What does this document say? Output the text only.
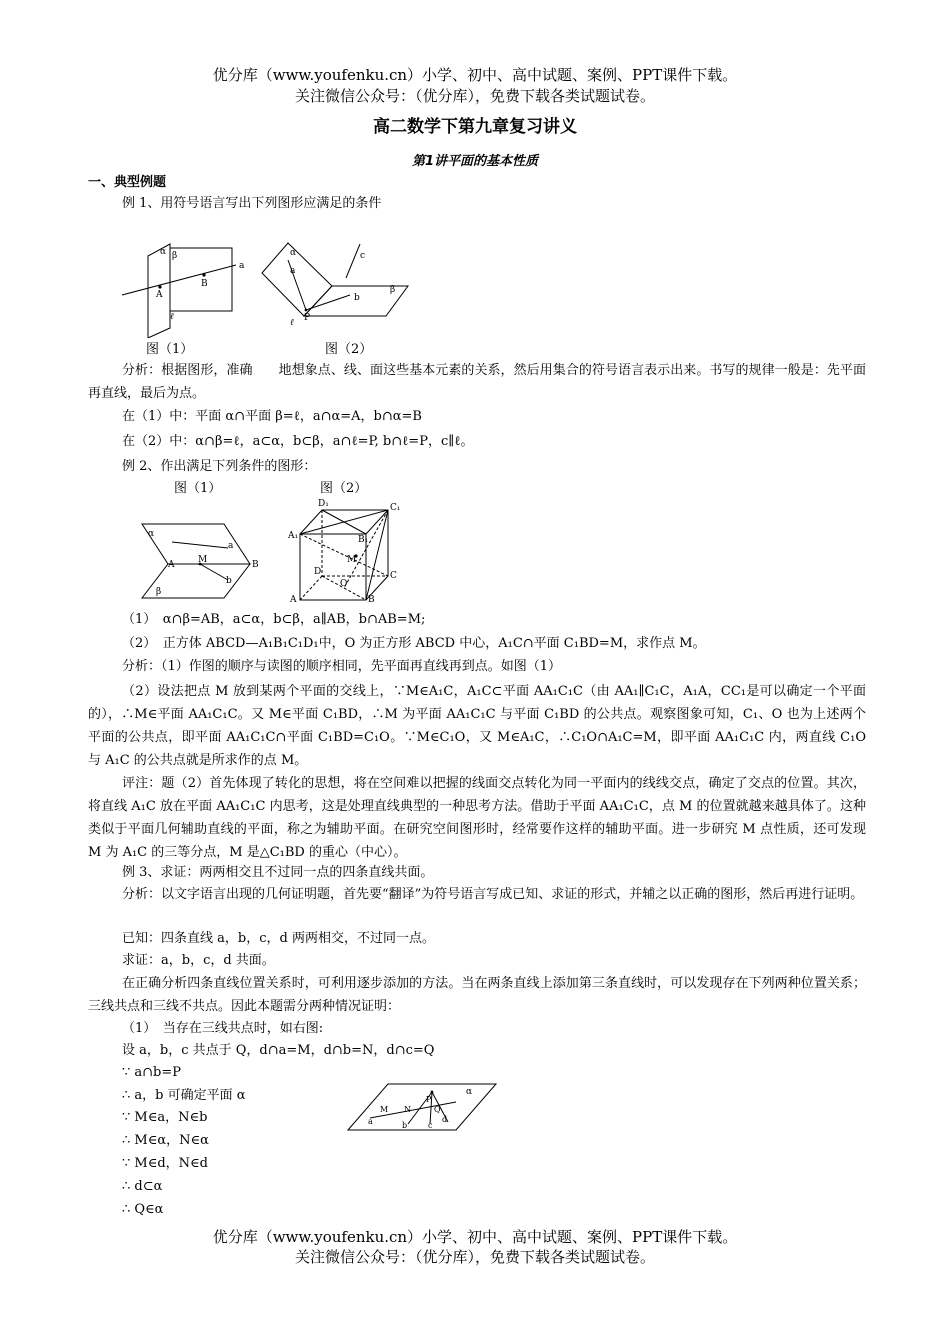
优分库（www.youfenku.cn）小学、初中、高中试题、案例、PPT课件下载。
关注微信公众号：（优分库），免费下载各类试题试卷。
高二数学下第九章复习讲义
第1讲平面的基本性质
一、典型例题
例 1、用符号语言写出下列图形应满足的条件
α β
a
A
B
ℓ
α
a
b
c
P
β
ℓ
图（1）	图（2）
分析：根据图形，准确　　地想象点、线、面这些基本元素的关系，然后用集合的符号语言表示出来。书写的规律一般是：先平面再直线，最后为点。
在（1）中：平面 α∩平面 β=ℓ，a∩α=A，b∩α=B
在（2）中：α∩β=ℓ，a⊂α，b⊂β，a∩ℓ=P, b∩ℓ=P，c∥ℓ。
例 2、作出满足下列条件的图形：
图（1）	图（2）
α
a
A	M	B
b
β
D₁	C₁
A₁	B₁
D	C
A	B
M
O
（1）　α∩β=AB，a⊂α，b⊂β，a∥AB，b∩AB=M;
（2）　正方体 ABCD—A₁B₁C₁D₁中，O 为正方形 ABCD 中心，A₁C∩平面 C₁BD=M，求作点 M。
分析：（1）作图的顺序与读图的顺序相同，先平面再直线再到点。如图（1）
（2）设法把点 M 放到某两个平面的交线上，∵M∈A₁C，A₁C⊂平面 AA₁C₁C（由 AA₁∥C₁C，A₁A，CC₁是可以确定一个平面的），∴M∈平面 AA₁C₁C。又 M∈平面 C₁BD，∴M 为平面 AA₁C₁C 与平面 C₁BD 的公共点。观察图象可知，C₁、O 也为上述两个平面的公共点，即平面 AA₁C₁C∩平面 C₁BD=C₁O。∵M∈C₁O，又 M∈A₁C，∴C₁O∩A₁C=M，即平面 AA₁C₁C 内，两直线 C₁O 与 A₁C 的公共点就是所求作的点 M。
评注：题（2）首先体现了转化的思想，将在空间难以把握的线面交点转化为同一平面内的线线交点，确定了交点的位置。其次，将直线 A₁C 放在平面 AA₁C₁C 内思考，这是处理直线典型的一种思考方法。借助于平面 AA₁C₁C，点 M 的位置就越来越具体了。这种类似于平面几何辅助直线的平面，称之为辅助平面。在研究空间图形时，经常要作这样的辅助平面。进一步研究 M 点性质，还可发现 M 为 A₁C 的三等分点，M 是△C₁BD 的重心（中心）。
例 3、求证：两两相交且不过同一点的四条直线共面。
分析：以文字语言出现的几何证明题，首先要“翻译”为符号语言写成已知、求证的形式，并辅之以正确的图形，然后再进行证明。
已知：四条直线 a，b，c，d 两两相交，不过同一点。
求证：a，b，c，d 共面。
在正确分析四条直线位置关系时，可利用逐步添加的方法。当在两条直线上添加第三条直线时，可以发现存在下列两种位置关系；三线共点和三线不共点。因此本题需分两种情况证明：
（1）　当存在三线共点时，如右图:
设 a，b，c 共点于 Q，d∩a=M，d∩b=N，d∩c=Q
∵ a∩b=P
∴ a，b 可确定平面 α
∵ M∈a，N∈b
∴ M∈α，N∈α
∵ M∈d，N∈d
∴ d⊂α
∴ Q∈α
α
M N
P
Q
a	b	c
d
优分库（www.youfenku.cn）小学、初中、高中试题、案例、PPT课件下载。
关注微信公众号：（优分库），免费下载各类试题试卷。
